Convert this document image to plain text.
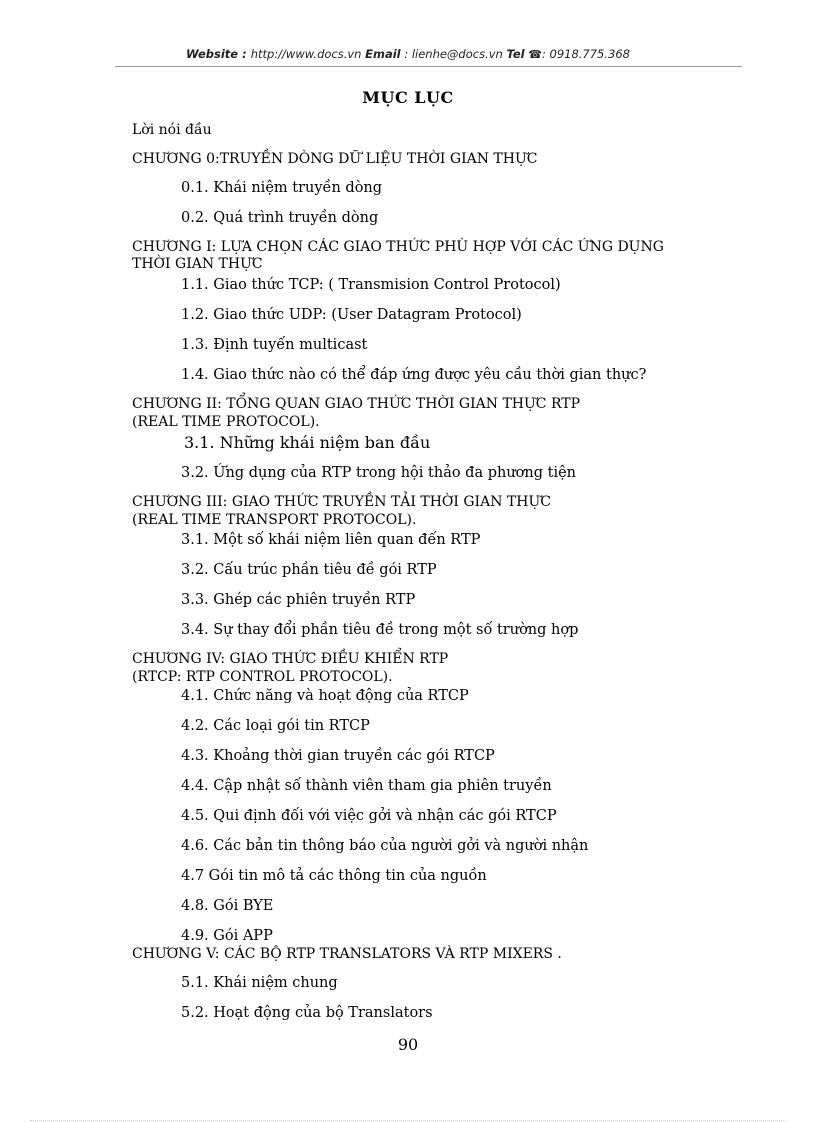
Website : http://www.docs.vn Email : lienhe@docs.vn Tel ☎: 0918.775.368
MỤC LỤC
Lời nói đầu
CHƯƠNG 0:TRUYỀN DÒNG DỮ LIỆU THỜI GIAN THỰC
0.1. Khái niệm truyền dòng
0.2. Quá trình truyền dòng
CHƯƠNG I: LỰA CHỌN CÁC GIAO THỨC PHÙ HỢP VỚI CÁC ỨNG DỤNG
THỜI GIAN THỰC
1.1. Giao thức TCP: ( Transmision Control Protocol)
1.2. Giao thức UDP: (User Datagram Protocol)
1.3. Định tuyến multicast
1.4. Giao thức nào có thể đáp ứng được yêu cầu thời gian thực?
CHƯƠNG II: TỔNG QUAN GIAO THỨC THỜI GIAN THỰC RTP
(REAL TIME PROTOCOL).
3.1. Những khái niệm ban đầu
3.2. Ứng dụng của RTP trong hội thảo đa phương tiện
CHƯƠNG III: GIAO THỨC TRUYỀN TẢI THỜI GIAN THỰC
(REAL TIME TRANSPORT PROTOCOL).
3.1. Một số khái niệm liên quan đến RTP
3.2. Cấu trúc phần tiêu đề gói RTP
3.3. Ghép các phiên truyền RTP
3.4. Sự thay đổi phần tiêu đề trong một số trường hợp
CHƯƠNG IV: GIAO THỨC ĐIỀU KHIỂN RTP
(RTCP: RTP CONTROL PROTOCOL).
4.1. Chức năng và hoạt động của RTCP
4.2. Các loại gói tin RTCP
4.3. Khoảng thời gian truyền các gói RTCP
4.4. Cập nhật số thành viên tham gia phiên truyền
4.5. Qui định đối với việc gởi và nhận các gói RTCP
4.6. Các bản tin thông báo của người gởi và người nhận
4.7 Gói tin mô tả các thông tin của nguồn
4.8. Gói BYE
4.9. Gói APP
CHƯƠNG V: CÁC BỘ RTP TRANSLATORS VÀ RTP MIXERS .
5.1. Khái niệm chung
5.2. Hoạt động của bộ Translators
90
